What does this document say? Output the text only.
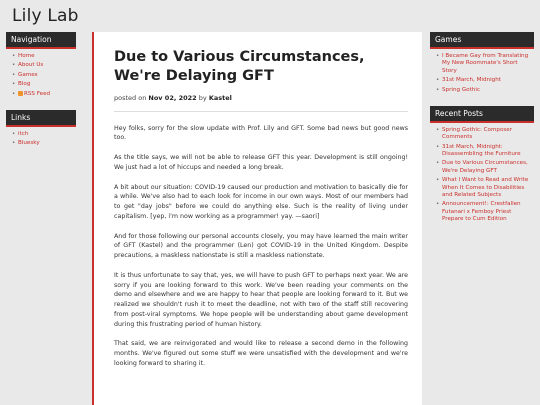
Lily Lab
Navigation
• Home
• About Us
• Games
• Blog
• RSS Feed
Links
• itch
• Bluesky
Due to Various Circumstances, We're Delaying GFT
posted on Nov 02, 2022 by Kastel

Hey folks, sorry for the slow update with Prof. Lily and GFT. Some bad news but good news too.

As the title says, we will not be able to release GFT this year. Development is still ongoing! We just had a lot of hiccups and needed a long break.

A bit about our situation: COVID-19 caused our production and motivation to basically die for a while. We've also had to each look for income in our own ways. Most of our members had to get "day jobs" before we could do anything else. Such is the reality of living under capitalism. [yep, i'm now working as a programmer! yay. —saori]

And for those following our personal accounts closely, you may have learned the main writer of GFT (Kastel) and the programmer (Len) got COVID-19 in the United Kingdom. Despite precautions, a maskless nationstate is still a maskless nationstate.

It is thus unfortunate to say that, yes, we will have to push GFT to perhaps next year. We are sorry if you are looking forward to this work. We've been reading your comments on the demo and elsewhere and we are happy to hear that people are looking forward to it. But we realized we shouldn't rush it to meet the deadline, not with two of the staff still recovering from post-viral symptoms. We hope people will be understanding about game development during this frustrating period of human history.

That said, we are reinvigorated and would like to release a second demo in the following months. We've figured out some stuff we were unsatisfied with the development and we're looking forward to sharing it.

Games
• I Became Gay from Translating My New Roommate's Short Story
• 31st March, Midnight
• Spring Gothic
Recent Posts
• Spring Gothic: Composer Comments
• 31st March, Midnight: Disassembling the Furniture
• Due to Various Circumstances, We're Delaying GFT
• What I Want to Read and Write When It Comes to Disabilities and Related Subjects
• Announcement!: Crestfallen Futanari x Femboy Priest Prepare to Cum Edition
